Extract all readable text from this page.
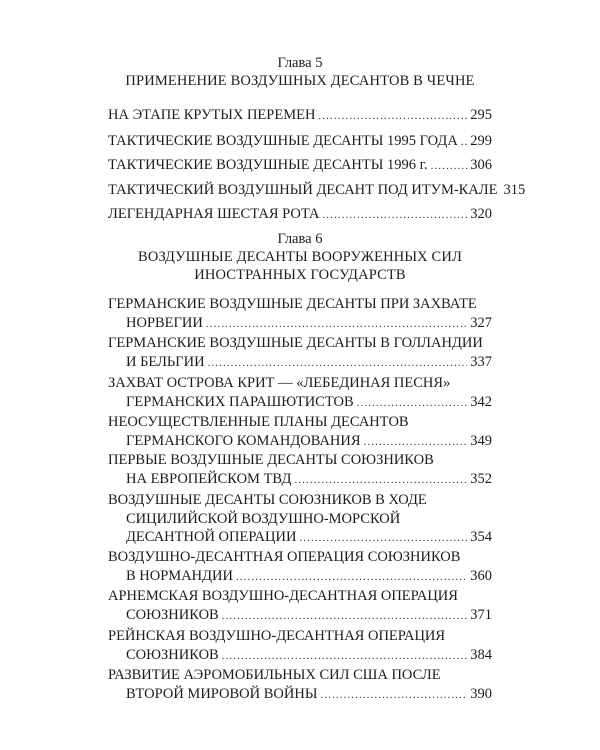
Глава 5
ПРИМЕНЕНИЕ ВОЗДУШНЫХ ДЕСАНТОВ В ЧЕЧНЕ
НА ЭТАПЕ КРУТЫХ ПЕРЕМЕН .....	295
ТАКТИЧЕСКИЕ ВОЗДУШНЫЕ ДЕСАНТЫ 1995 ГОДА ..... 299
ТАКТИЧЕСКИЕ ВОЗДУШНЫЕ ДЕСАНТЫ 1996 г. .....	306
ТАКТИЧЕСКИЙ ВОЗДУШНЫЙ ДЕСАНТ ПОД ИТУМ-КАЛЕ 315
ЛЕГЕНДАРНАЯ ШЕСТАЯ РОТА .....	320
Глава 6
ВОЗДУШНЫЕ ДЕСАНТЫ ВООРУЖЕННЫХ СИЛ
ИНОСТРАННЫХ ГОСУДАРСТВ
ГЕРМАНСКИЕ ВОЗДУШНЫЕ ДЕСАНТЫ ПРИ ЗАХВАТЕ
НОРВЕГИИ .....	327
ГЕРМАНСКИЕ ВОЗДУШНЫЕ ДЕСАНТЫ В ГОЛЛАНДИИ
И БЕЛЬГИИ .....	337
ЗАХВАТ ОСТРОВА КРИТ — «ЛЕБЕДИНАЯ ПЕСНЯ»
ГЕРМАНСКИХ ПАРАШЮТИСТОВ .....	342
НЕОСУЩЕСТВЛЕННЫЕ ПЛАНЫ ДЕСАНТОВ
ГЕРМАНСКОГО КОМАНДОВАНИЯ .....	349
ПЕРВЫЕ ВОЗДУШНЫЕ ДЕСАНТЫ СОЮЗНИКОВ
НА ЕВРОПЕЙСКОМ ТВД .....	352
ВОЗДУШНЫЕ ДЕСАНТЫ СОЮЗНИКОВ В ХОДЕ
СИЦИЛИЙСКОЙ ВОЗДУШНО-МОРСКОЙ
ДЕСАНТНОЙ ОПЕРАЦИИ .....	354
ВОЗДУШНО-ДЕСАНТНАЯ ОПЕРАЦИЯ СОЮЗНИКОВ
В НОРМАНДИИ .....	360
АРНЕМСКАЯ ВОЗДУШНО-ДЕСАНТНАЯ ОПЕРАЦИЯ
СОЮЗНИКОВ .....	371
РЕЙНСКАЯ ВОЗДУШНО-ДЕСАНТНАЯ ОПЕРАЦИЯ
СОЮЗНИКОВ .....	384
РАЗВИТИЕ АЭРОМОБИЛЬНЫХ СИЛ США ПОСЛЕ
ВТОРОЙ МИРОВОЙ ВОЙНЫ .....	390
